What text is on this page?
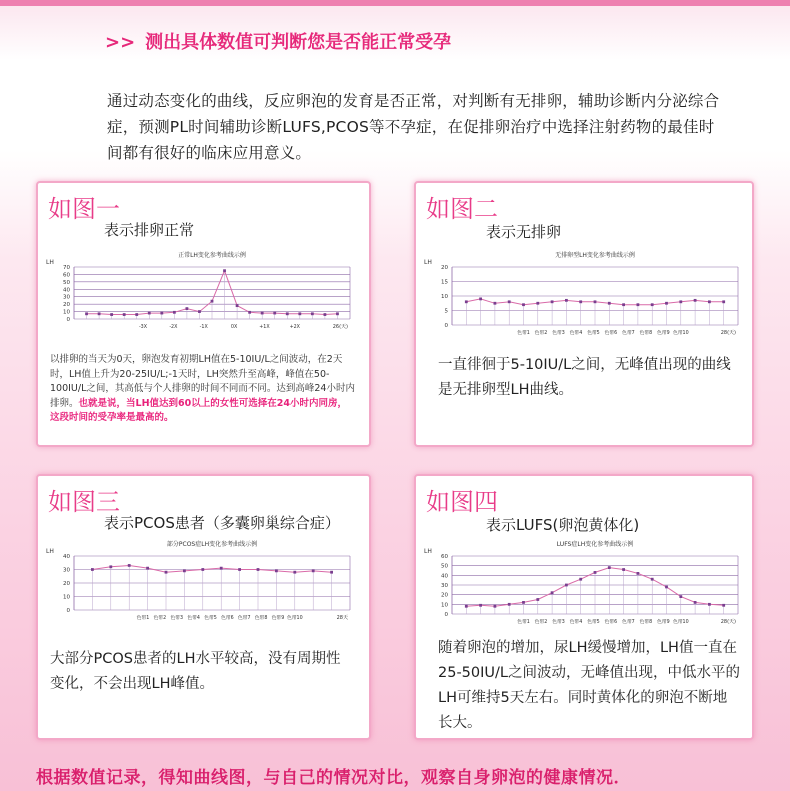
>> 测出具体数值可判断您是否能正常受孕
通过动态变化的曲线，反应卵泡的发育是否正常，对判断有无排卵，辅助诊断内分泌综合症，预测PL时间辅助诊断LUFS,PCOS等不孕症，在促排卵治疗中选择注射药物的最佳时间都有很好的临床应用意义。
如图一
表示排卵正常
正常LH变化参考曲线示例
LH
0
10
20
30
40
50
60
70
-3X	-2X	-1X	0X	+1X	+2X	26(天)
以排卵的当天为0天，卵泡发育初期LH值在5-10IU/L之间波动，在2天时，LH值上升为20-25IU/L;-1天时，LH突然升至高峰，峰值在50-100IU/L之间，其高低与个人排卵的时间不同而不同。达到高峰24小时内排卵。也就是说，当LH值达到60以上的女性可选择在24小时内同房，这段时间的受孕率是最高的。
如图二
表示无排卵
无排卵型LH变化参考曲线示例
LH
0
5
10
15
20
色带1 色带2 色带3 色带4 色带5 色带6 色带7 色带8 色带9 色带10	28(天)
一直徘徊于5-10IU/L之间，无峰值出现的曲线是无排卵型LH曲线。
如图三
表示PCOS患者（多囊卵巢综合症）
部分PCOS症LH变化参考曲线示例
LH
0
10
20
30
40
色带1 色带2 色带3 色带4 色带5 色带6 色带7 色带8 色带9 色带10	28天
大部分PCOS患者的LH水平较高，没有周期性变化，不会出现LH峰值。
如图四
表示LUFS(卵泡黄体化)
LUFS症LH变化参考曲线示例
LH
0
10
20
30
40
50
60
色带1 色带2 色带3 色带4 色带5 色带6 色带7 色带8 色带9 色带10	28(天)
随着卵泡的增加，尿LH缓慢增加，LH值一直在25-50IU/L之间波动，无峰值出现，中低水平的LH可维持5天左右。同时黄体化的卵泡不断地长大。
根据数值记录，得知曲线图，与自己的情况对比，观察自身卵泡的健康情况．
